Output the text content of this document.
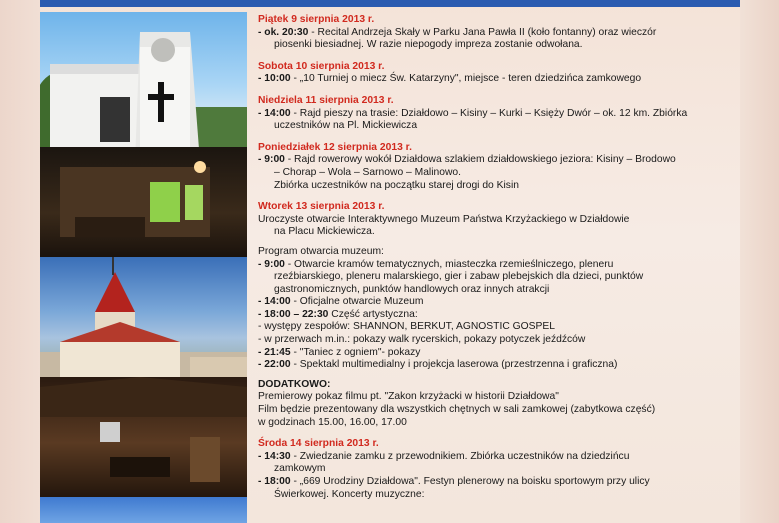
Piątek 9 sierpnia 2013 r.
- ok. 20:30 - Recital Andrzeja Skały w Parku Jana Pawła II (koło fontanny) oraz wieczór
piosenki biesiadnej. W razie niepogody impreza zostanie odwołana.
Sobota 10 sierpnia 2013 r.
- 10:00 - „10 Turniej o miecz Św. Katarzyny", miejsce - teren dziedzińca zamkowego
Niedziela 11 sierpnia 2013 r.
- 14:00 - Rajd pieszy na trasie: Działdowo – Kisiny – Kurki – Księży Dwór – ok. 12 km. Zbiórka
uczestników na Pl. Mickiewicza
Poniedziałek 12 sierpnia 2013 r.
- 9:00 - Rajd rowerowy wokół Działdowa szlakiem działdowskiego jeziora: Kisiny – Brodowo
– Chorap – Wola – Sarnowo – Malinowo.
Zbiórka uczestników na początku starej drogi do Kisin
Wtorek 13 sierpnia 2013 r.
Uroczyste otwarcie Interaktywnego Muzeum Państwa Krzyżackiego w Działdowie
na Placu Mickiewicza.
Program otwarcia muzeum:
- 9:00 - Otwarcie kramów tematycznych, miasteczka rzemieślniczego, pleneru
rzeźbiarskiego, pleneru malarskiego, gier i zabaw plebejskich dla dzieci, punktów
gastronomicznych, punktów handlowych oraz innych atrakcji
- 14:00 - Oficjalne otwarcie Muzeum
- 18:00 – 22:30 Część artystyczna:
- występy zespołów: SHANNON, BERKUT, AGNOSTIC GOSPEL
- w przerwach m.in.: pokazy walk rycerskich, pokazy potyczek jeźdźców
- 21:45 - "Taniec z ogniem"- pokazy
- 22:00 - Spektakl multimedialny i projekcja laserowa (przestrzenna i graficzna)
DODATKOWO:
Premierowy pokaz filmu pt. "Zakon krzyżacki w historii Działdowa"
Film będzie prezentowany dla wszystkich chętnych w sali zamkowej (zabytkowa część)
w godzinach 15.00, 16.00, 17.00
Środa 14 sierpnia 2013 r.
- 14:30 - Zwiedzanie zamku z przewodnikiem. Zbiórka uczestników na dziedzińcu
zamkowym
- 18:00 - „669 Urodziny Działdowa". Festyn plenerowy na boisku sportowym przy ulicy
Świerkowej. Koncerty muzyczne:
